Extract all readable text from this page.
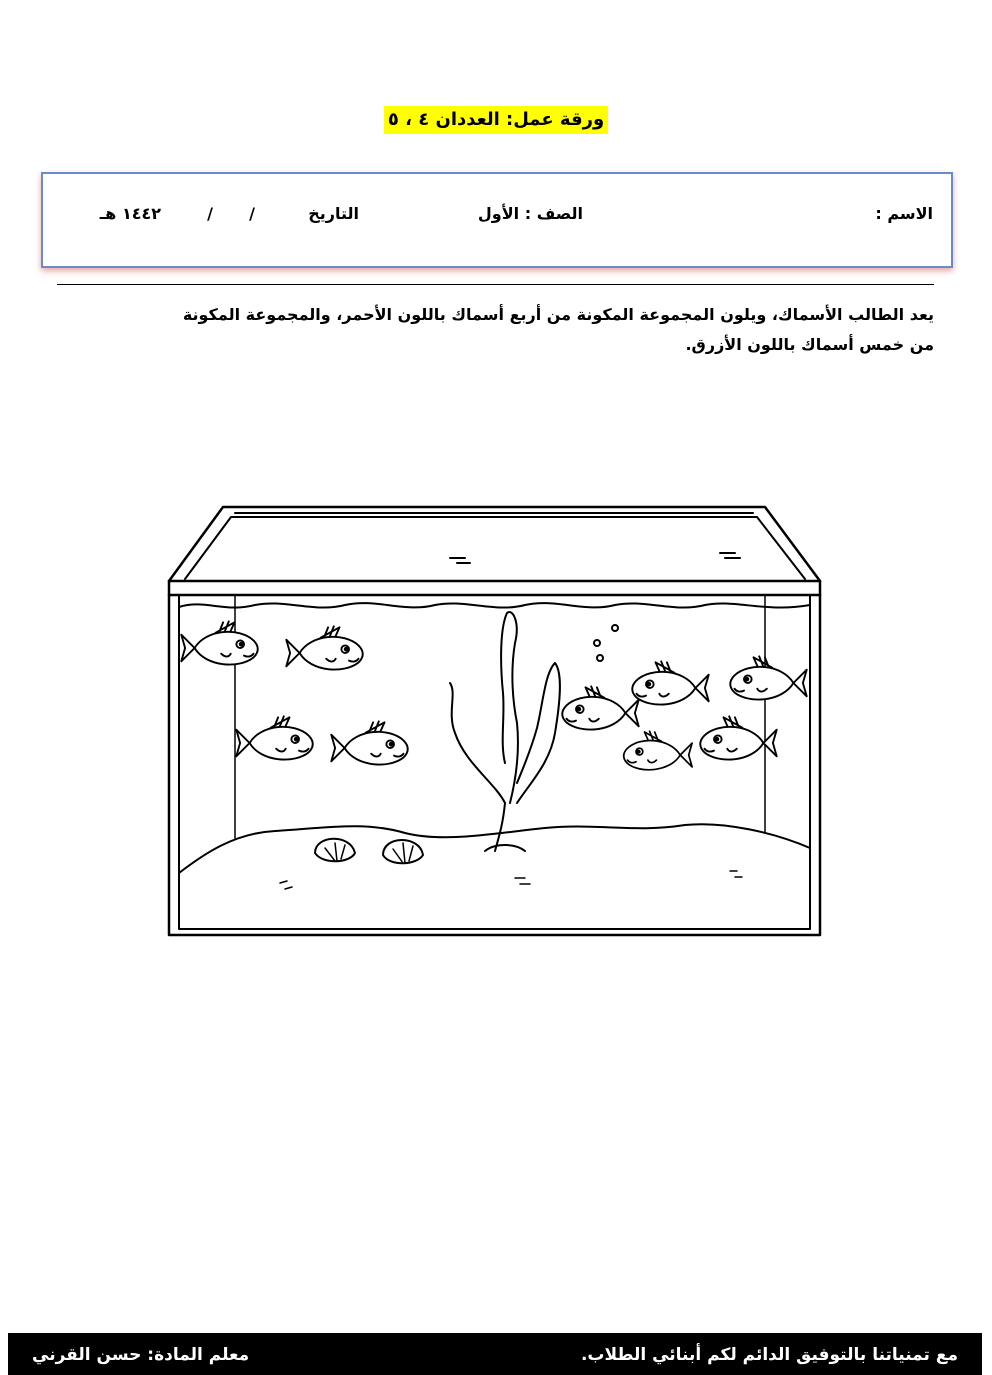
ورقة عمل: العددان ٤ ، ٥
الاسم :
الصف : الأول
التاريخ
/
/
١٤٤٢ هـ
يعد الطالب الأسماك، ويلون المجموعة المكونة من أربع أسماك باللون الأحمر، والمجموعة المكونة
من خمس أسماك باللون الأزرق.
مع تمنياتنا بالتوفيق الدائم لكم أبنائي الطلاب.
معلم المادة: حسن القرني
